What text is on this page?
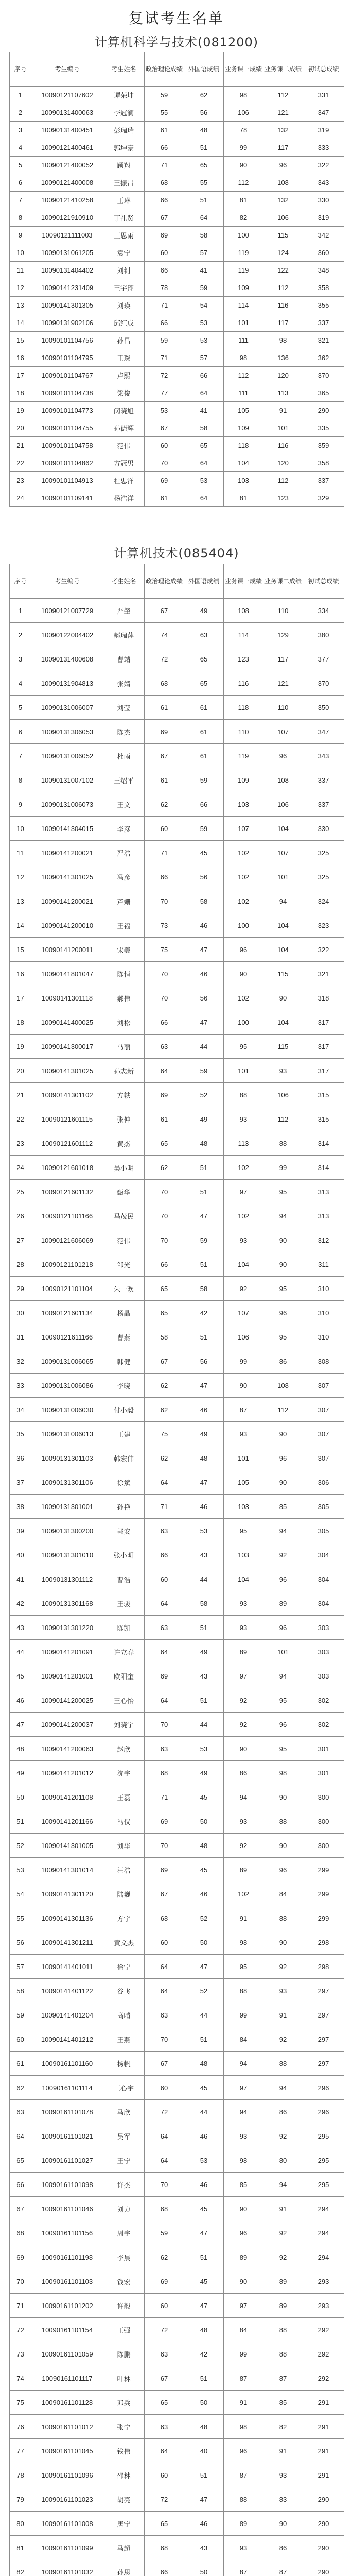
复试考生名单
计算机科学与技术(081200)
序号	考生编号	考生姓名	政治理论成绩	外国语成绩	业务课一成绩	业务课二成绩	初试总成绩
1	10090121107602	谭荣坤	59	62	98	112	331
2	10090131400063	李冠澜	55	56	106	121	347
3	10090131400451	彭瑞瑞	61	48	78	132	319
4	10090121400461	郭坤豪	66	51	99	117	333
5	10090121400052	顾翔	71	65	90	96	322
6	10090121400008	王振昌	68	55	112	108	343
7	10090121410258	王琳	66	51	81	132	330
8	10090121910910	丁礼贤	67	64	82	106	319
9	10090121111003	王思雨	69	58	100	115	342
10	10090131061205	袁宁	60	57	119	124	360
11	10090131404402	刘钊	66	41	119	122	348
12	10090141231409	王宇翔	78	59	109	112	358
13	10090141301305	刘瑛	71	54	114	116	355
14	10090131902106	邱红成	66	53	101	117	337
15	10090101104756	孙昌	59	53	111	98	321
16	10090101104795	王琛	71	57	98	136	362
17	10090101104767	卢熙	72	66	112	120	370
18	10090101104738	梁俊	77	64	111	113	365
19	10090101104773	闵晓旭	53	41	105	91	290
20	10090101104755	孙德辉	67	58	109	101	335
21	10090101104758	范伟	60	65	118	116	359
22	10090101104862	方冠男	70	64	104	120	358
23	10090101104913	杜忠洋	69	53	103	112	337
24	10090101109141	杨浩洋	61	64	81	123	329
计算机技术(085404)
序号	考生编号	考生姓名	政治理论成绩	外国语成绩	业务课一成绩	业务课二成绩	初试总成绩
1	10090121007729	严肇	67	49	108	110	334
2	10090122004402	郝瑞萍	74	63	114	129	380
3	10090131400608	曹靖	72	65	123	117	377
4	10090131904813	张婧	68	65	116	121	370
5	10090131006007	刘莹	61	61	118	110	350
6	10090131306053	陈杰	69	61	110	107	347
7	10090131006052	杜雨	67	61	119	96	343
8	10090131007102	王绍平	61	59	109	108	337
9	10090131006073	王文	62	66	103	106	337
10	10090141304015	李彦	60	59	107	104	330
11	10090141200021	严浩	71	45	102	107	325
12	10090141301025	冯彦	66	56	102	101	325
13	10090141200021	芦姗	70	58	102	94	324
14	10090141200010	王福	73	46	100	104	323
15	10090141200011	宋羲	75	47	96	104	322
16	10090141801047	陈恒	70	46	90	115	321
17	10090141301118	郝伟	70	56	102	90	318
18	10090141400025	刘松	66	47	100	104	317
19	10090141300017	马丽	63	44	95	115	317
20	10090141301025	孙志新	64	59	101	93	317
21	10090141301102	方轶	69	52	88	106	315
22	10090121601115	张仲	61	49	93	112	315
23	10090121601112	黄杰	65	48	113	88	314
24	10090121601018	吴小明	62	51	102	99	314
25	10090121601132	甄华	70	51	97	95	313
26	10090121101166	马茂民	70	47	102	94	313
27	10090121606069	范伟	70	59	93	90	312
28	10090121101218	邹光	66	51	104	90	311
29	10090121101104	朱一欢	65	58	92	95	310
30	10090121601134	杨晶	65	42	107	96	310
31	10090121611166	曹燕	58	51	106	95	310
32	10090131006065	韩健	67	56	99	86	308
33	10090131006086	李晓	62	47	90	108	307
34	10090131006030	付小毅	62	46	87	112	307
35	10090131006013	王建	75	49	93	90	307
36	10090131301103	韩宏伟	62	48	101	96	307
37	10090131301106	徐斌	64	47	105	90	306
38	10090131301001	孙艳	71	46	103	85	305
39	10090131300200	郭安	63	53	95	94	305
40	10090131301010	张小明	66	43	103	92	304
41	10090131301112	曹浩	60	44	104	96	304
42	10090131301168	王骏	64	58	93	89	304
43	10090131301220	陈凯	63	51	93	96	303
44	10090141201091	许立春	64	49	89	101	303
45	10090141201001	欧阳奎	69	43	97	94	303
46	10090141200025	王心怡	64	51	92	95	302
47	10090141200037	刘晓宇	70	44	92	96	302
48	10090141200063	赵欣	63	53	90	95	301
49	10090141201012	沈宇	68	49	86	98	301
50	10090141201108	王磊	71	45	94	90	300
51	10090141201166	冯仪	69	50	93	88	300
52	10090141301005	刘华	70	48	92	90	300
53	10090141301014	汪浩	69	45	89	96	299
54	10090141301120	陆巍	67	46	102	84	299
55	10090141301136	方宇	68	52	91	88	299
56	10090141301211	黄文杰	60	50	98	90	298
57	10090141401011	徐宁	64	47	95	92	298
58	10090141401122	谷飞	64	52	88	93	297
59	10090141401204	高晴	63	44	99	91	297
60	10090141401212	王燕	70	51	84	92	297
61	10090161101160	杨帆	67	48	94	88	297
62	10090161101114	王心宇	60	45	97	94	296
63	10090161101078	马欣	72	44	94	86	296
64	10090161101021	吴军	64	46	93	92	295
65	10090161101027	王宁	64	53	98	80	295
66	10090161101098	许杰	70	46	85	94	295
67	10090161101046	刘力	68	45	90	91	294
68	10090161101156	周宇	59	47	96	92	294
69	10090161101198	李晨	62	51	89	92	294
70	10090161101103	钱宏	69	45	90	89	293
71	10090161101202	许毅	60	47	97	89	293
72	10090161101154	王强	72	48	84	88	292
73	10090161101059	陈鹏	63	42	99	88	292
74	10090161101117	叶林	67	51	87	87	292
75	10090161101128	邓兵	65	50	91	85	291
76	10090161101012	张宁	63	48	98	82	291
77	10090161101045	钱伟	64	40	96	91	291
78	10090161101096	邵林	60	51	87	93	291
79	10090161101023	胡亮	72	47	88	83	290
80	10090161101008	唐宁	65	46	89	90	290
81	10090161101099	马超	68	43	93	86	290
82	10090161101032	孙思	66	50	87	87	290
